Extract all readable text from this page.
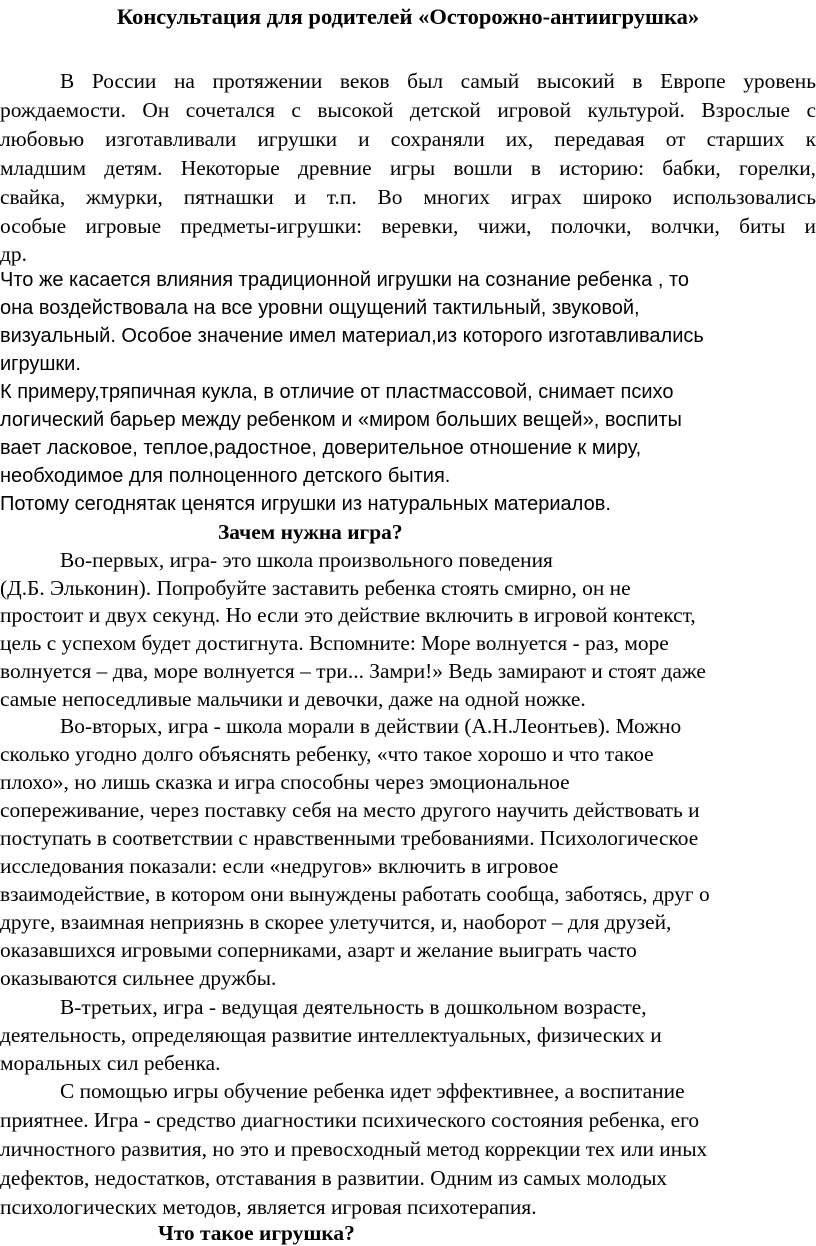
Консультация для родителей «Осторожно-антиигрушка»
В России на протяжении веков был самый высокий в Европе уровень
рождаемости. Он сочетался с высокой детской игровой культурой. Взрослые с
любовью изготавливали игрушки и сохраняли их, передавая от старших к
младшим детям. Некоторые древние игры вошли в историю: бабки, горелки,
свайка, жмурки, пятнашки и т.п. Во многих играх широко использовались
особые игровые предметы-игрушки: веревки, чижи, полочки, волчки, биты и
др.
Что же касается влияния традиционной игрушки на сознание ребенка , то
она воздействовала на все уровни ощущений тактильный, звуковой,
визуальный. Особое значение имел материал,из которого изготавливались
игрушки.
К примеру,тряпичная кукла, в отличие от пластмассовой, снимает психо
логический барьер между ребенком и «миром больших вещей», воспиты
вает ласковое, теплое,радостное, доверительное отношение к миру,
необходимое для полноценного детского бытия.
Потому сегоднятак ценятся игрушки из натуральных материалов.
Зачем нужна игра?
Во-первых, игра- это школа произвольного поведения
(Д.Б. Эльконин). Попробуйте заставить ребенка стоять смирно, он не
простоит и двух секунд. Но если это действие включить в игровой контекст,
цель с успехом будет достигнута. Вспомните: Море волнуется - раз, море
волнуется – два, море волнуется – три... Замри!» Ведь замирают и стоят даже
самые непоседливые мальчики и девочки, даже на одной ножке.
Во-вторых, игра - школа морали в действии (А.Н.Леонтьев). Можно
сколько угодно долго объяснять ребенку, «что такое хорошо и что такое
плохо», но лишь сказка и игра способны через эмоциональное
сопереживание, через поставку себя на место другого научить действовать и
поступать в соответствии с нравственными требованиями. Психологическое
исследования показали: если «недругов» включить в игровое
взаимодействие, в котором они вынуждены работать сообща, заботясь, друг о
друге, взаимная неприязнь в скорее улетучится, и, наоборот – для друзей,
оказавшихся игровыми соперниками, азарт и желание выиграть часто
оказываются сильнее дружбы.
В-третьих, игра - ведущая деятельность в дошкольном возрасте,
деятельность, определяющая развитие интеллектуальных, физических и
моральных сил ребенка.
С помощью игры обучение ребенка идет эффективнее, а воспитание
приятнее. Игра - средство диагностики психического состояния ребенка, его
личностного развития, но это и превосходный метод коррекции тех или иных
дефектов, недостатков, отставания в развитии. Одним из самых молодых
психологических методов, является игровая психотерапия.
Что такое игрушка?
